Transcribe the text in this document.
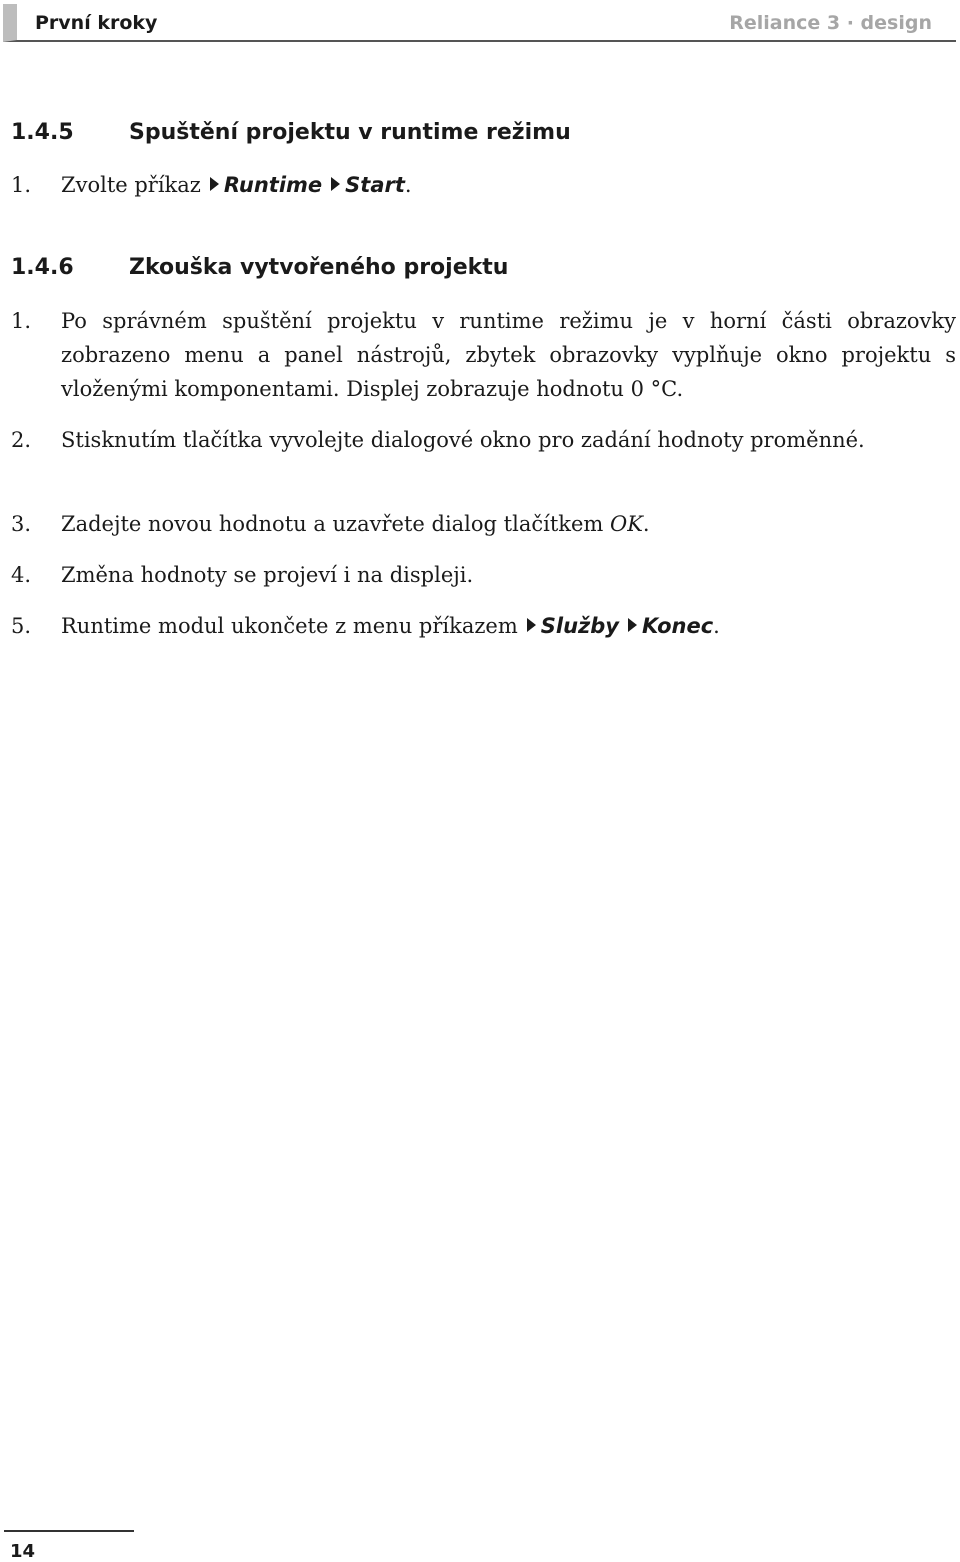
První kroky	Reliance 3 · design
1.4.5	Spuštění projektu v runtime režimu
1. Zvolte příkaz Runtime Start.
1.4.6	Zkouška vytvořeného projektu
1. Po správném spuštění projektu v runtime režimu je v horní části obrazovky zobrazeno menu a panel nástrojů, zbytek obrazovky vyplňuje okno projektu s vloženými komponentami. Displej zobrazuje hodnotu 0 °C.
2. Stisknutím tlačítka vyvolejte dialogové okno pro zadání hodnoty proměnné.
3. Zadejte novou hodnotu a uzavřete dialog tlačítkem OK.
4. Změna hodnoty se projeví i na displeji.
5. Runtime modul ukončete z menu příkazem Služby Konec.
14
